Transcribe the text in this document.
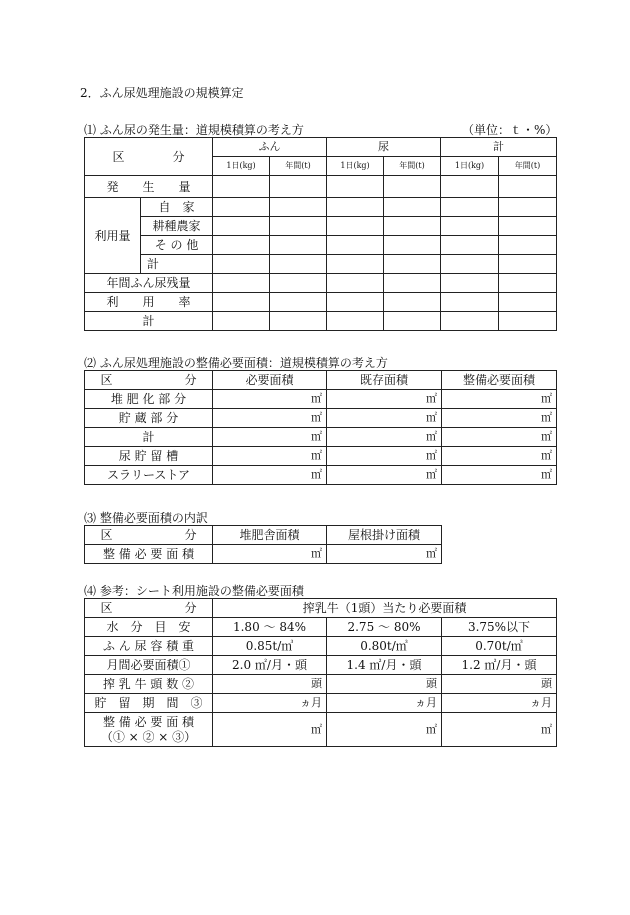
2．ふん尿処理施設の規模算定
⑴ ふん尿の発生量：道規模積算の考え方	（単位：ｔ・%）
区　　　　分		ふん		尿		計	
		1日(kg)	年間(t)	1日(kg)	年間(t)	1日(kg)	年間(t)
発　　生　　量							
利用量	自　家						
	耕種農家						
	そ の 他						
	計						
年間ふん尿残量							
利　　用　　率							
計							
⑵ ふん尿処理施設の整備必要面積：道規模積算の考え方
区　　　　　　分	必要面積	既存面積	整備必要面積
堆 肥 化 部 分	㎡	㎡	㎡
貯 蔵 部 分	㎡	㎡	㎡
計	㎡	㎡	㎡
尿 貯 留 槽	㎡	㎡	㎡
スラリーストア	㎡	㎡	㎡
⑶ 整備必要面積の内訳
区　　　　　　分	堆肥舎面積	屋根掛け面積
整 備 必 要 面 積	㎡	㎡
⑷ 参考：シート利用施設の整備必要面積
区　　　　　　分	搾乳牛（1頭）当たり必要面積		
水　分　目　安	1.80 〜 84%	2.75 〜 80%	3.75%以下
ふ ん 尿 容 積 重	0.85t/㎥	0.80t/㎥	0.70t/㎥
月間必要面積①	2.0 ㎡/月・頭	1.4 ㎡/月・頭	1.2 ㎡/月・頭
搾 乳 牛 頭 数 ②	頭	頭	頭
貯　留　期　間　③	ヵ月	ヵ月	ヵ月

整 備 必 要 面 積
（① × ② × ③）	㎡	㎡	㎡
